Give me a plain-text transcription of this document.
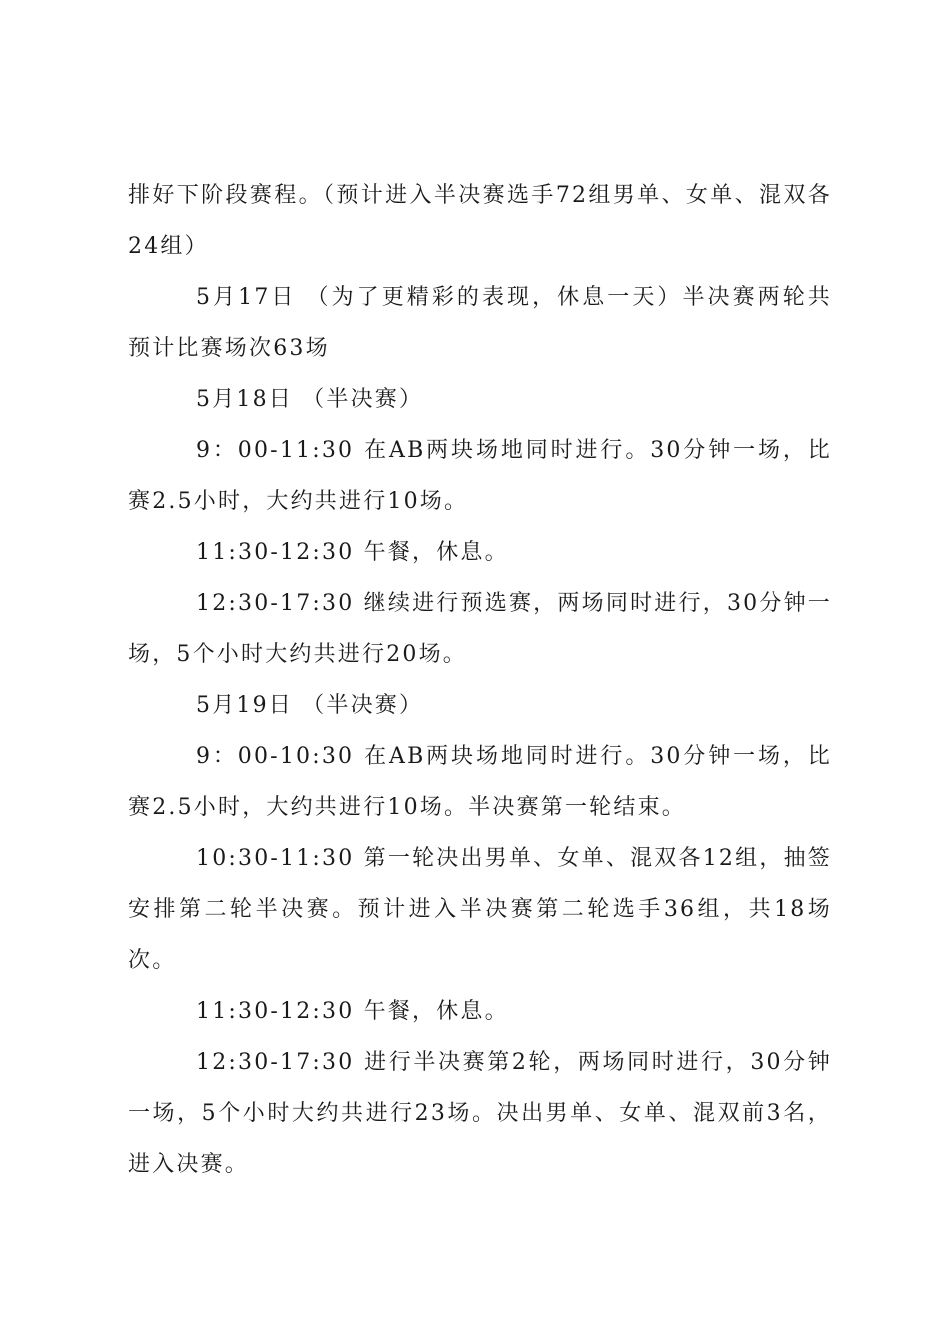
排好下阶段赛程。（预计进入半决赛选手72组男单、女单、混双各24组）

5月17日 （为了更精彩的表现，休息一天）半决赛两轮共预计比赛场次63场

5月18日 （半决赛）

9：00-11:30 在AB两块场地同时进行。30分钟一场，比赛2.5小时，大约共进行10场。

11:30-12:30 午餐，休息。

12:30-17:30 继续进行预选赛，两场同时进行，30分钟一场，5个小时大约共进行20场。

5月19日 （半决赛）

9：00-10:30 在AB两块场地同时进行。30分钟一场，比赛2.5小时，大约共进行10场。半决赛第一轮结束。

10:30-11:30 第一轮决出男单、女单、混双各12组，抽签安排第二轮半决赛。预计进入半决赛第二轮选手36组，共18场次。

11:30-12:30 午餐，休息。

12:30-17:30 进行半决赛第2轮，两场同时进行，30分钟一场，5个小时大约共进行23场。决出男单、女单、混双前3名，进入决赛。
